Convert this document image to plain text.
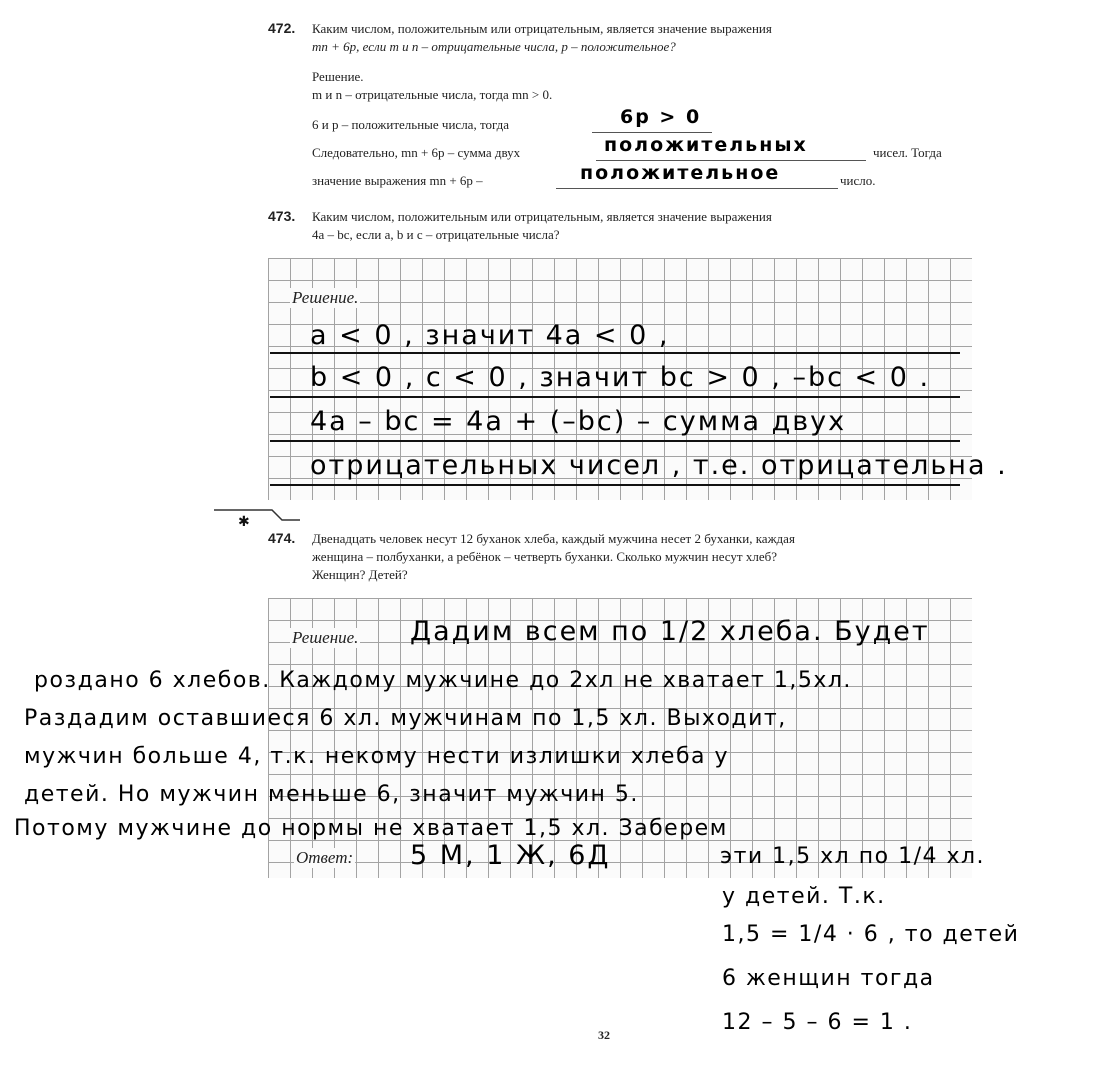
472. Каким числом, положительным или отрицательным, является значение выражения
mn + 6p, если m и n – отрицательные числа, p – положительное?
Решение.
m и n – отрицательные числа, тогда mn > 0.
6 и p – положительные числа, тогда	6p > 0
Следовательно, mn + 6p – сумма двух	положительных	чисел. Тогда
значение выражения mn + 6p –	положительное	число.
473. Каким числом, положительным или отрицательным, является значение выражения
4a – bc, если a, b и c – отрицательные числа?
Решение.
a < 0 , значит 4a < 0 ,
b < 0 , c < 0 , значит bc > 0 , –bc < 0 .
4a – bc = 4a + (–bc) – сумма двух
отрицательных чисел , т.е. отрицательна .
✱
474. Двенадцать человек несут 12 буханок хлеба, каждый мужчина несет 2 буханки, каждая
женщина – полбуханки, а ребёнок – четверть буханки. Сколько мужчин несут хлеб?
Женщин? Детей?
Решение.
Ответ:
Дадим всем по 1/2 хлеба. Будет
роздано 6 хлебов. Каждому мужчине до 2хл не хватает 1,5хл.
Раздадим оставшиеся 6 хл. мужчинам по 1,5 хл. Выходит,
мужчин больше 4, т.к. некому нести излишки хлеба у
детей. Но мужчин меньше 6, значит мужчин 5.
Потому мужчине до нормы не хватает 1,5 хл. Заберем
5 М, 1 Ж, 6Д	эти 1,5 хл по 1/4 хл.
у детей. Т.к.
1,5 = 1/4 · 6 , то детей
6 женщин тогда
12 – 5 – 6 = 1 .
32
